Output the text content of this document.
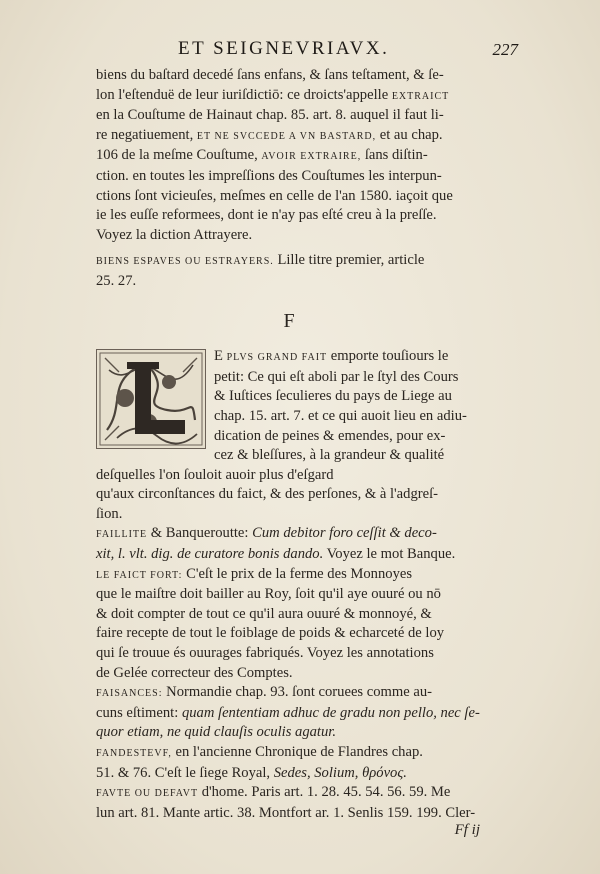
ET SEIGNEVRIAVX.	227

biens du baſtard decedé ſans enfans, & ſans teſtament, & ſe-

lon l'eſtenduë de leur iuriſdictiō: ce droicts'appelle EXTRAICT

en la Couſtume de Hainaut chap. 85. art. 8. auquel il faut li-

re negatiuement, ET NE SVCCEDE A VN BASTARD, et au chap.

106 de la meſme Couſtume, AVOIR EXTRAIRE, ſans diſtin-

ction. en toutes les impreſſions des Couſtumes les interpun-

ctions ſont vicieuſes, meſmes en celle de l'an 1580. iaçoit que

ie les euſſe reformees, dont ie n'ay pas eſté creu à la preſſe.

Voyez la diction Attrayere.

BIENS ESPAVES OU ESTRAYERS. Lille titre premier, article

25. 27.

F

E PLVS GRAND FAIT emporte touſiours le

petit: Ce qui eſt aboli par le ſtyl des Cours

& Iuſtices ſeculieres du pays de Liege au

chap. 15. art. 7. et ce qui auoit lieu en adiu-

dication de peines & emendes, pour ex-

cez & bleſſures, à la grandeur & qualité

deſquelles l'on ſouloit auoir plus d'eſgard

qu'aux circonſtances du faict, & des perſones, & à l'adgreſ-

ſion.

FAILLITE & Banqueroutte: Cum debitor foro ceſſit & deco-

xit, l. vlt. dig. de curatore bonis dando. Voyez le mot Banque.

LE FAICT FORT: C'eſt le prix de la ferme des Monnoyes

que le maiſtre doit bailler au Roy, ſoit qu'il aye ouuré ou nō

& doit compter de tout ce qu'il aura ouuré & monnoyé, &

faire recepte de tout le foiblage de poids & echarceté de loy

qui ſe trouue és ouurages fabriqués. Voyez les annotations

de Gelée correcteur des Comptes.

FAISANCES: Normandie chap. 93. ſont coruees comme au-

cuns eſtiment: quam ſententiam adhuc de gradu non pello, nec ſe-

quor etiam, ne quid clauſis oculis agatur.

FANDESTEVF, en l'ancienne Chronique de Flandres chap.

51. & 76. C'eſt le ſiege Royal, Sedes, Solium, θρόνος.

FAVTE OU DEFAVT d'home. Paris art. 1. 28. 45. 54. 56. 59. Me

lun art. 81. Mante artic. 38. Montfort ar. 1. Senlis 159. 199. Cler-

Ff ij
